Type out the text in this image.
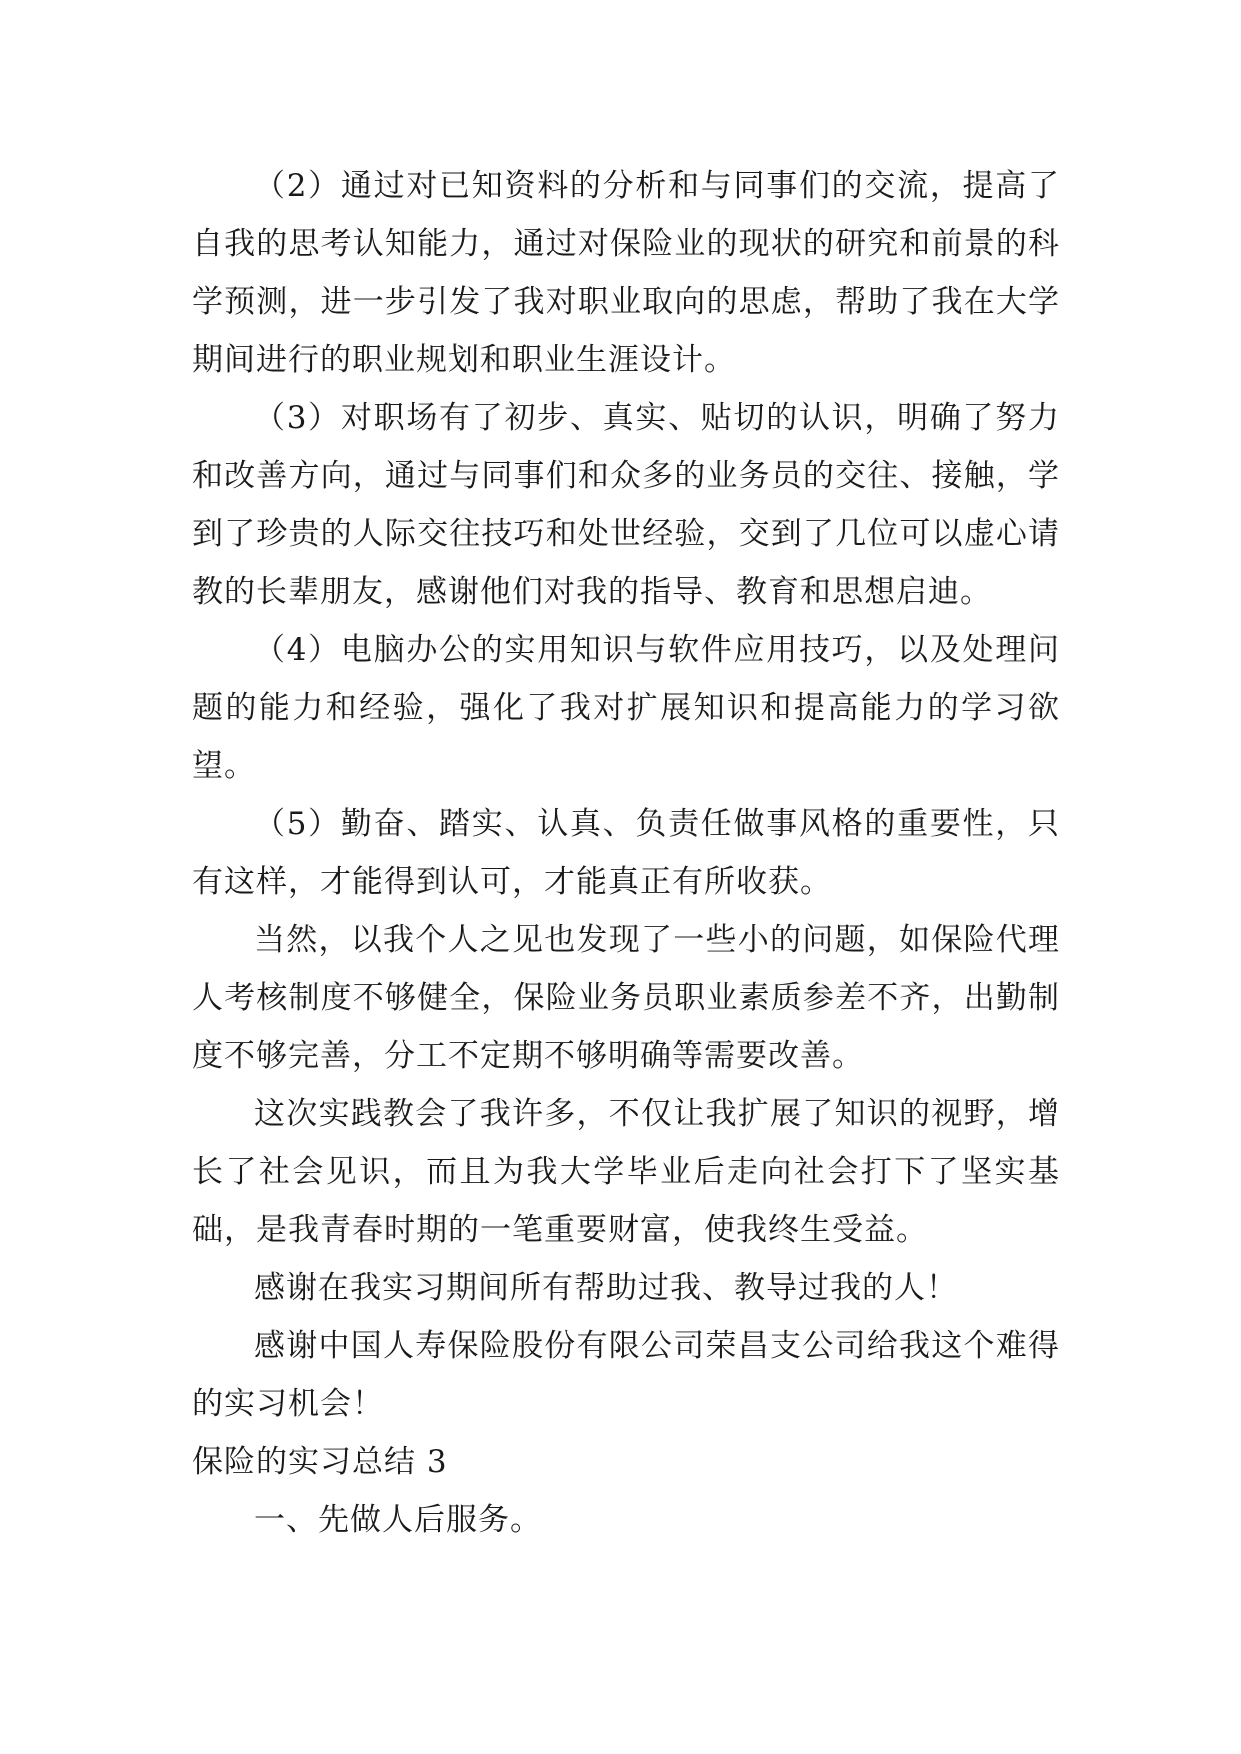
（2）通过对已知资料的分析和与同事们的交流，提高了自我的思考认知能力，通过对保险业的现状的研究和前景的科学预测，进一步引发了我对职业取向的思虑，帮助了我在大学期间进行的职业规划和职业生涯设计。

（3）对职场有了初步、真实、贴切的认识，明确了努力和改善方向，通过与同事们和众多的业务员的交往、接触，学到了珍贵的人际交往技巧和处世经验，交到了几位可以虚心请教的长辈朋友，感谢他们对我的指导、教育和思想启迪。

（4）电脑办公的实用知识与软件应用技巧，以及处理问题的能力和经验，强化了我对扩展知识和提高能力的学习欲望。

（5）勤奋、踏实、认真、负责任做事风格的重要性，只有这样，才能得到认可，才能真正有所收获。

当然，以我个人之见也发现了一些小的问题，如保险代理人考核制度不够健全，保险业务员职业素质参差不齐，出勤制度不够完善，分工不定期不够明确等需要改善。

这次实践教会了我许多，不仅让我扩展了知识的视野，增长了社会见识，而且为我大学毕业后走向社会打下了坚实基础，是我青春时期的一笔重要财富，使我终生受益。

感谢在我实习期间所有帮助过我、教导过我的人！

感谢中国人寿保险股份有限公司荣昌支公司给我这个难得的实习机会！

保险的实习总结 3

一、先做人后服务。
